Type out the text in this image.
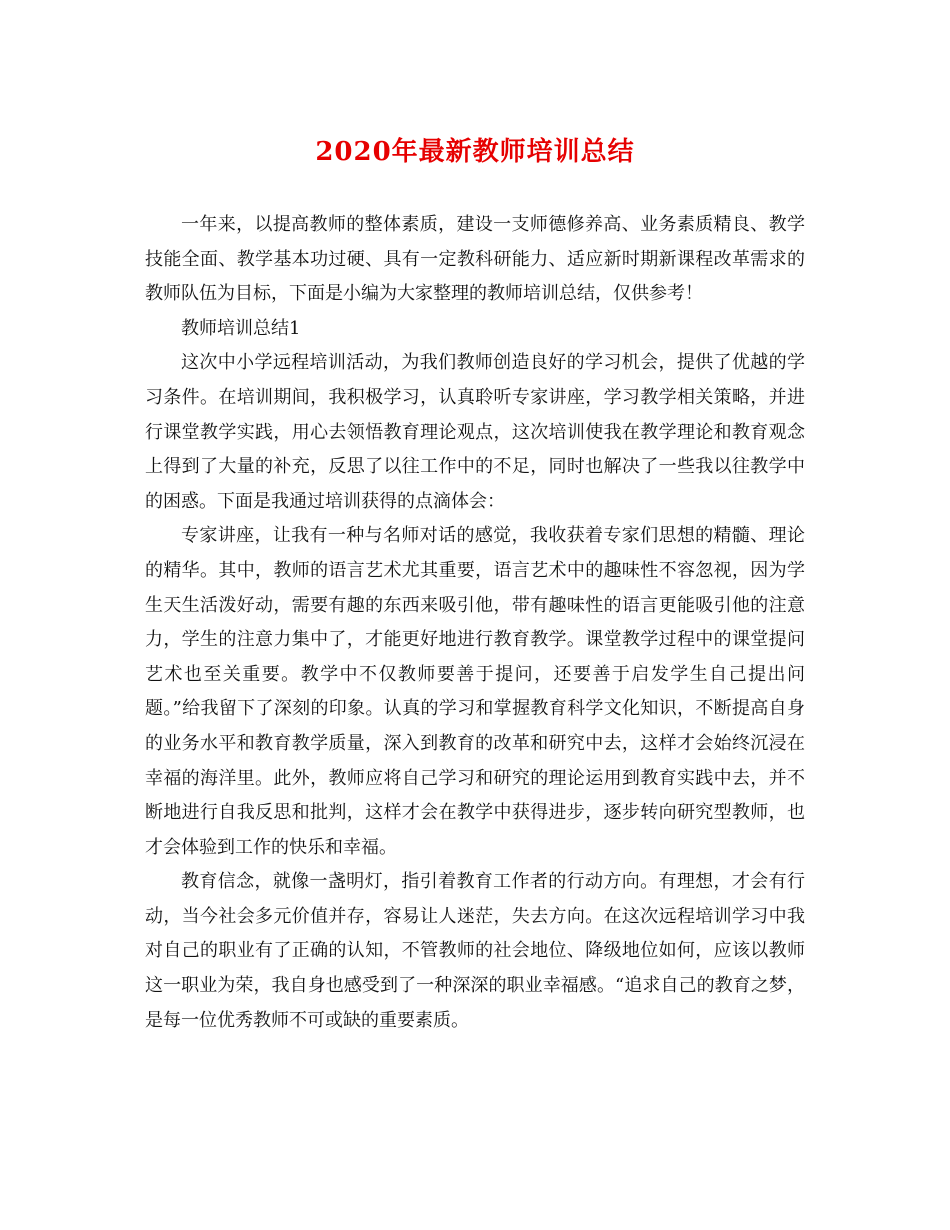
2020年最新教师培训总结

一年来，以提高教师的整体素质，建设一支师德修养高、业务素质精良、教学技能全面、教学基本功过硬、具有一定教科研能力、适应新时期新课程改革需求的教师队伍为目标，下面是小编为大家整理的教师培训总结，仅供参考！

教师培训总结1

这次中小学远程培训活动，为我们教师创造良好的学习机会，提供了优越的学习条件。在培训期间，我积极学习，认真聆听专家讲座，学习教学相关策略，并进行课堂教学实践，用心去领悟教育理论观点，这次培训使我在教学理论和教育观念上得到了大量的补充，反思了以往工作中的不足，同时也解决了一些我以往教学中的困惑。下面是我通过培训获得的点滴体会：

专家讲座，让我有一种与名师对话的感觉，我收获着专家们思想的精髓、理论的精华。其中，教师的语言艺术尤其重要，语言艺术中的趣味性不容忽视，因为学生天生活泼好动，需要有趣的东西来吸引他，带有趣味性的语言更能吸引他的注意力，学生的注意力集中了，才能更好地进行教育教学。课堂教学过程中的课堂提问艺术也至关重要。教学中不仅教师要善于提问，还要善于启发学生自己提出问题。”给我留下了深刻的印象。认真的学习和掌握教育科学文化知识，不断提高自身的业务水平和教育教学质量，深入到教育的改革和研究中去，这样才会始终沉浸在幸福的海洋里。此外，教师应将自己学习和研究的理论运用到教育实践中去，并不断地进行自我反思和批判，这样才会在教学中获得进步，逐步转向研究型教师，也才会体验到工作的快乐和幸福。

教育信念，就像一盏明灯，指引着教育工作者的行动方向。有理想，才会有行动，当今社会多元价值并存，容易让人迷茫，失去方向。在这次远程培训学习中我对自己的职业有了正确的认知，不管教师的社会地位、降级地位如何，应该以教师这一职业为荣，我自身也感受到了一种深深的职业幸福感。“追求自己的教育之梦，是每一位优秀教师不可或缺的重要素质。
